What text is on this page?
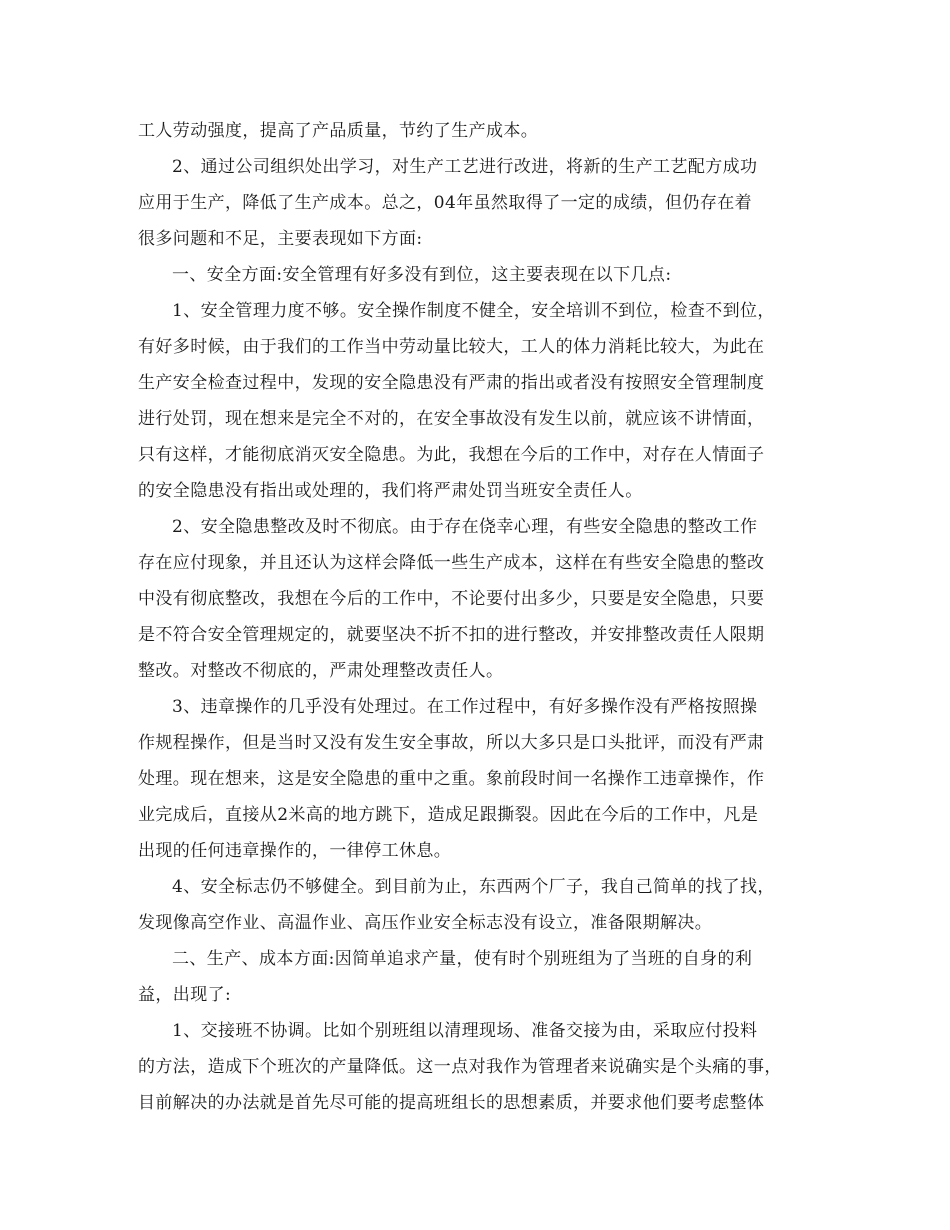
工人劳动强度，提高了产品质量，节约了生产成本。
2、通过公司组织处出学习，对生产工艺进行改进，将新的生产工艺配方成功
应用于生产，降低了生产成本。总之，04年虽然取得了一定的成绩，但仍存在着
很多问题和不足，主要表现如下方面:
一、安全方面:安全管理有好多没有到位，这主要表现在以下几点:
1、安全管理力度不够。安全操作制度不健全，安全培训不到位，检查不到位，
有好多时候，由于我们的工作当中劳动量比较大，工人的体力消耗比较大，为此在
生产安全检查过程中，发现的安全隐患没有严肃的指出或者没有按照安全管理制度
进行处罚，现在想来是完全不对的，在安全事故没有发生以前，就应该不讲情面，
只有这样，才能彻底消灭安全隐患。为此，我想在今后的工作中，对存在人情面子
的安全隐患没有指出或处理的，我们将严肃处罚当班安全责任人。
2、安全隐患整改及时不彻底。由于存在侥幸心理，有些安全隐患的整改工作
存在应付现象，并且还认为这样会降低一些生产成本，这样在有些安全隐患的整改
中没有彻底整改，我想在今后的工作中，不论要付出多少，只要是安全隐患，只要
是不符合安全管理规定的，就要坚决不折不扣的进行整改，并安排整改责任人限期
整改。对整改不彻底的，严肃处理整改责任人。
3、违章操作的几乎没有处理过。在工作过程中，有好多操作没有严格按照操
作规程操作，但是当时又没有发生安全事故，所以大多只是口头批评，而没有严肃
处理。现在想来，这是安全隐患的重中之重。象前段时间一名操作工违章操作，作
业完成后，直接从2米高的地方跳下，造成足跟撕裂。因此在今后的工作中，凡是
出现的任何违章操作的，一律停工休息。
4、安全标志仍不够健全。到目前为止，东西两个厂子，我自己简单的找了找，
发现像高空作业、高温作业、高压作业安全标志没有设立，准备限期解决。
二、生产、成本方面:因简单追求产量，使有时个别班组为了当班的自身的利
益，出现了:
1、交接班不协调。比如个别班组以清理现场、准备交接为由，采取应付投料
的方法，造成下个班次的产量降低。这一点对我作为管理者来说确实是个头痛的事，
目前解决的办法就是首先尽可能的提高班组长的思想素质，并要求他们要考虑整体
